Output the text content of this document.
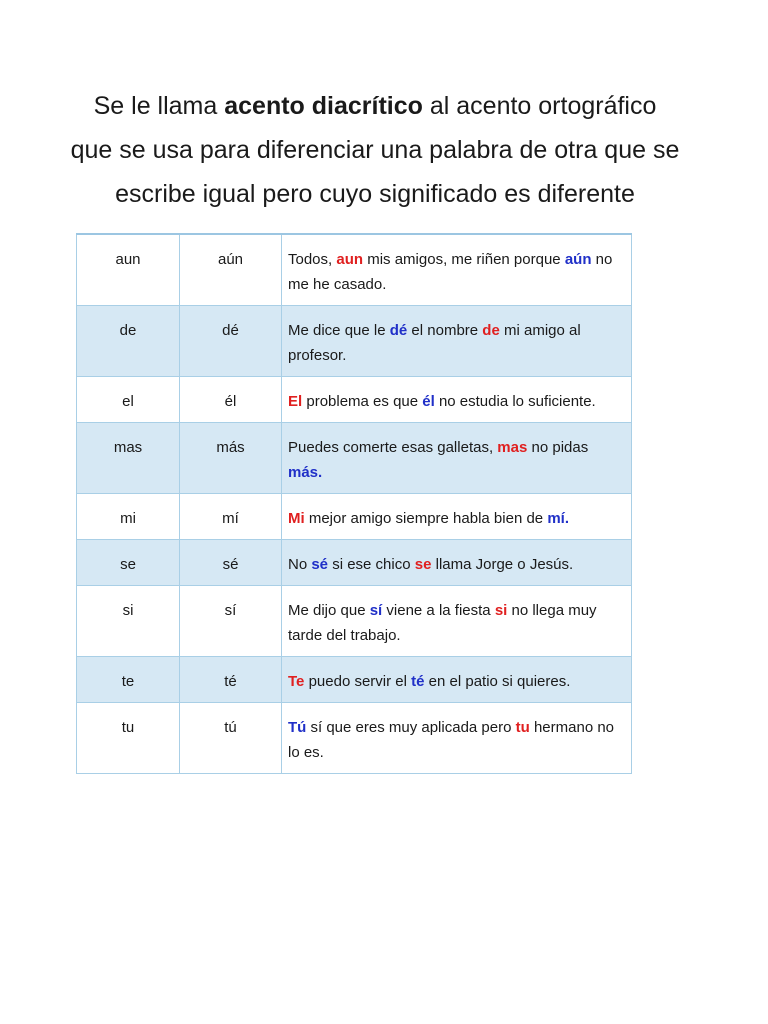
Se le llama acento diacrítico al acento ortográfico que se usa para diferenciar una palabra de otra que se escribe igual pero cuyo significado es diferente
aun	aún	Todos, aun mis amigos, me riñen porque aún no me he casado.
de	dé	Me dice que le dé el nombre de mi amigo al profesor.
el	él	El problema es que él no estudia lo suficiente.
mas	más	Puedes comerte esas galletas, mas no pidas más.
mi	mí	Mi mejor amigo siempre habla bien de mí.
se	sé	No sé si ese chico se llama Jorge o Jesús.
si	sí	Me dijo que sí viene a la fiesta si no llega muy tarde del trabajo.
te	té	Te puedo servir el té en el patio si quieres.
tu	tú	Tú sí que eres muy aplicada pero tu hermano no lo es.
